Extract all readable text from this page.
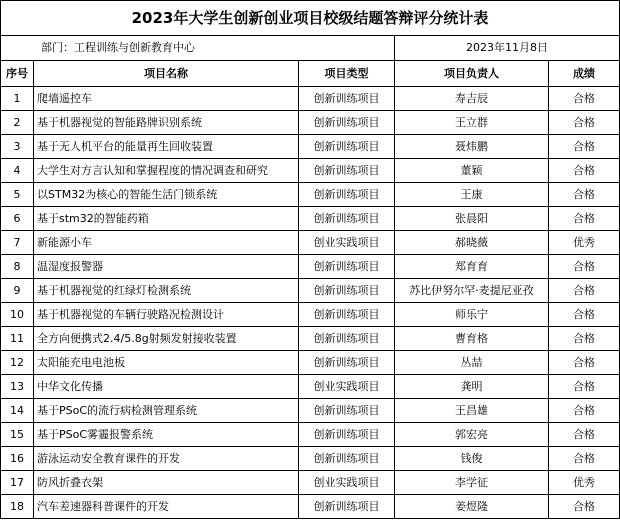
2023年大学生创新创业项目校级结题答辩评分统计表				
部门：工程训练与创新教育中心			2023年11月8日	
序号	项目名称	项目类型	项目负责人	成绩
1	爬墙遥控车	创新训练项目	寿吉辰	合格
2	基于机器视觉的智能路牌识别系统	创新训练项目	王立群	合格
3	基于无人机平台的能量再生回收装置	创新训练项目	聂炜鹏	合格
4	大学生对方言认知和掌握程度的情况调查和研究	创新训练项目	董颖	合格
5	以STM32为核心的智能生活门锁系统	创新训练项目	王康	合格
6	基于stm32的智能药箱	创新训练项目	张晨阳	合格
7	新能源小车	创业实践项目	郝晓薇	优秀
8	温湿度报警器	创新训练项目	郑育育	合格
9	基于机器视觉的红绿灯检测系统	创新训练项目	苏比伊努尔罕·麦提尼亚孜	合格
10	基于机器视觉的车辆行驶路况检测设计	创新训练项目	师乐宁	合格
11	全方向便携式2.4/5.8g射频发射接收装置	创新训练项目	曹育格	合格
12	太阳能充电电池板	创新训练项目	丛喆	合格
13	中华文化传播	创业实践项目	龚明	合格
14	基于PSoC的流行病检测管理系统	创新训练项目	王昌雄	合格
15	基于PSoC雾霾报警系统	创新训练项目	郭宏亮	合格
16	游泳运动安全教育课件的开发	创新训练项目	钱俊	合格
17	防风折叠衣架	创业实践项目	李学征	优秀
18	汽车差速器科普课件的开发	创新训练项目	姜煜隆	合格
